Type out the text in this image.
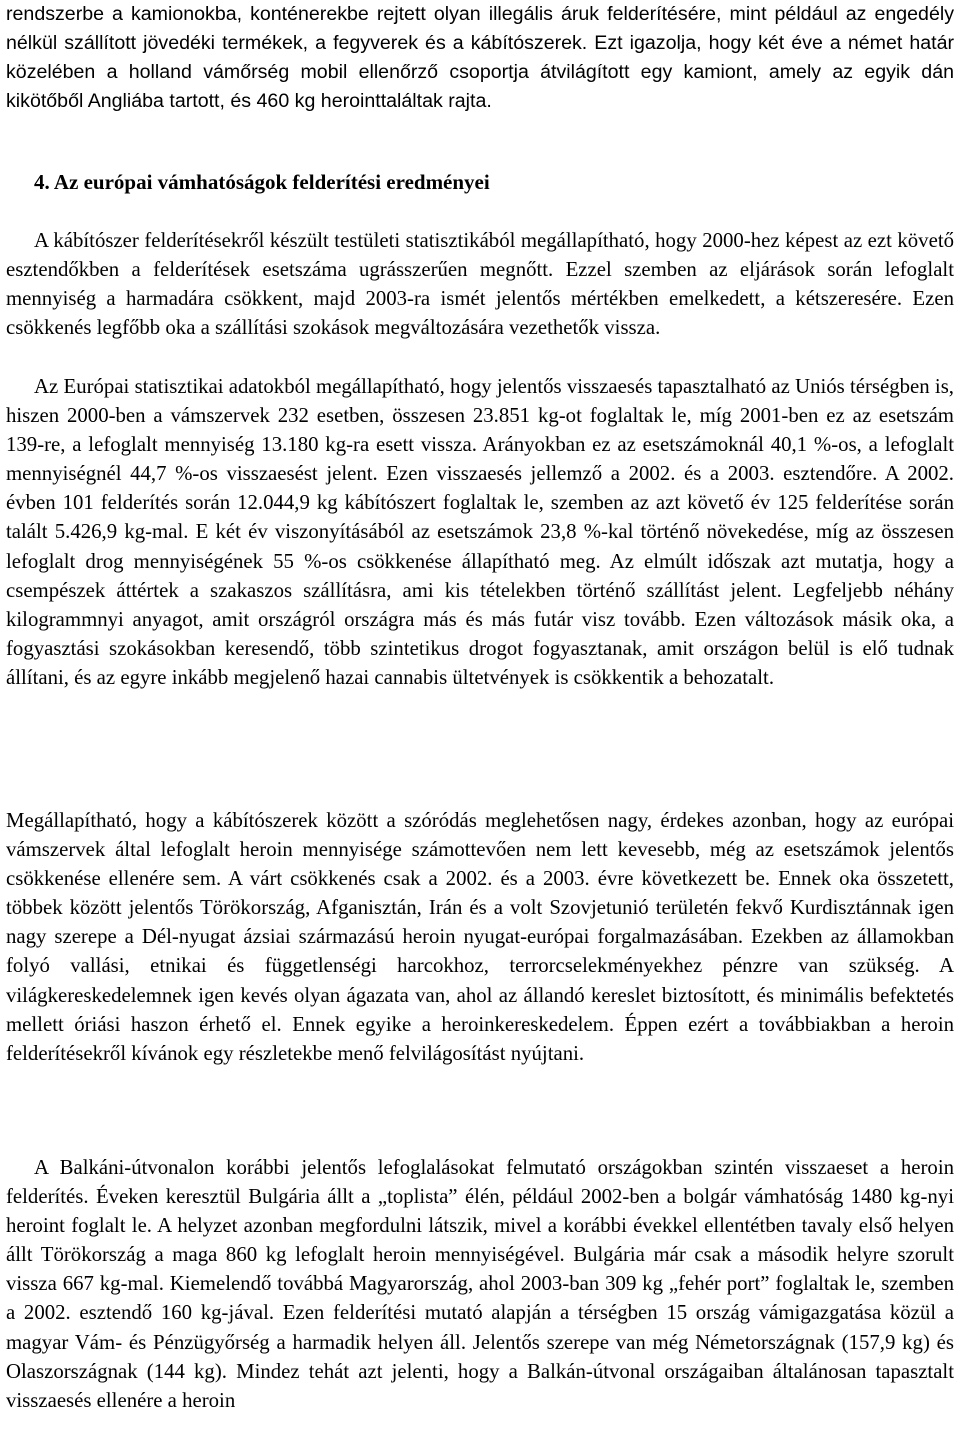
rendszerbe a kamionokba, konténerekbe rejtett olyan illegális áruk felderítésére, mint például az engedély nélkül szállított jövedéki termékek, a fegyverek és a kábítószerek. Ezt igazolja, hogy két éve a német határ közelében a holland vámőrség mobil ellenőrző csoportja átvilágított egy kamiont, amely az egyik dán kikötőből Angliába tartott, és 460 kg herointtaláltak rajta.

4. Az európai vámhatóságok felderítési eredményei

A kábítószer felderítésekről készült testületi statisztikából megállapítható, hogy 2000-hez képest az ezt követő esztendőkben a felderítések esetszáma ugrásszerűen megnőtt. Ezzel szemben az eljárások során lefoglalt mennyiség a harmadára csökkent, majd 2003-ra ismét jelentős mértékben emelkedett, a kétszeresére. Ezen csökkenés legfőbb oka a szállítási szokások megváltozására vezethetők vissza.

Az Európai statisztikai adatokból megállapítható, hogy jelentős visszaesés tapasztalható az Uniós térségben is, hiszen 2000-ben a vámszervek 232 esetben, összesen 23.851 kg-ot foglaltak le, míg 2001-ben ez az esetszám 139-re, a lefoglalt mennyiség 13.180 kg-ra esett vissza. Arányokban ez az esetszámoknál 40,1 %-os, a lefoglalt mennyiségnél 44,7 %-os visszaesést jelent. Ezen visszaesés jellemző a 2002. és a 2003. esztendőre. A 2002. évben 101 felderítés során 12.044,9 kg kábítószert foglaltak le, szemben az azt követő év 125 felderítése során talált 5.426,9 kg-mal. E két év viszonyításából az esetszámok 23,8 %-kal történő növekedése, míg az összesen lefoglalt drog mennyiségének 55 %-os csökkenése állapítható meg. Az elmúlt időszak azt mutatja, hogy a csempészek áttértek a szakaszos szállításra, ami kis tételekben történő szállítást jelent. Legfeljebb néhány kilogrammnyi anyagot, amit országról országra más és más futár visz tovább. Ezen változások másik oka, a fogyasztási szokásokban keresendő, több szintetikus drogot fogyasztanak, amit országon belül is elő tudnak állítani, és az egyre inkább megjelenő hazai cannabis ültetvények is csökkentik a behozatalt.

Megállapítható, hogy a kábítószerek között a szóródás meglehetősen nagy, érdekes azonban, hogy az európai vámszervek által lefoglalt heroin mennyisége számottevően nem lett kevesebb, még az esetszámok jelentős csökkenése ellenére sem. A várt csökkenés csak a 2002. és a 2003. évre következett be. Ennek oka összetett, többek között jelentős Törökország, Afganisztán, Irán és a volt Szovjetunió területén fekvő Kurdisztánnak igen nagy szerepe a Dél-nyugat ázsiai származású heroin nyugat-európai forgalmazásában. Ezekben az államokban folyó vallási, etnikai és függetlenségi harcokhoz, terrorcselekményekhez pénzre van szükség. A világkereskedelemnek igen kevés olyan ágazata van, ahol az állandó kereslet biztosított, és minimális befektetés mellett óriási haszon érhető el. Ennek egyike a heroinkereskedelem. Éppen ezért a továbbiakban a heroin felderítésekről kívánok egy részletekbe menő felvilágosítást nyújtani.

A Balkáni-útvonalon korábbi jelentős lefoglalásokat felmutató országokban szintén visszaeset a heroin felderítés. Éveken keresztül Bulgária állt a „toplista” élén, például 2002-ben a bolgár vámhatóság 1480 kg-nyi heroint foglalt le. A helyzet azonban megfordulni látszik, mivel a korábbi évekkel ellentétben tavaly első helyen állt Törökország a maga 860 kg lefoglalt heroin mennyiségével. Bulgária már csak a második helyre szorult vissza 667 kg-mal. Kiemelendő továbbá Magyarország, ahol 2003-ban 309 kg „fehér port” foglaltak le, szemben a 2002. esztendő 160 kg-jával. Ezen felderítési mutató alapján a térségben 15 ország vámigazgatása közül a magyar Vám- és Pénzügyőrség a harmadik helyen áll. Jelentős szerepe van még Németországnak (157,9 kg) és Olaszországnak (144 kg). Mindez tehát azt jelenti, hogy a Balkán-útvonal országaiban általánosan tapasztalt visszaesés ellenére a heroin
